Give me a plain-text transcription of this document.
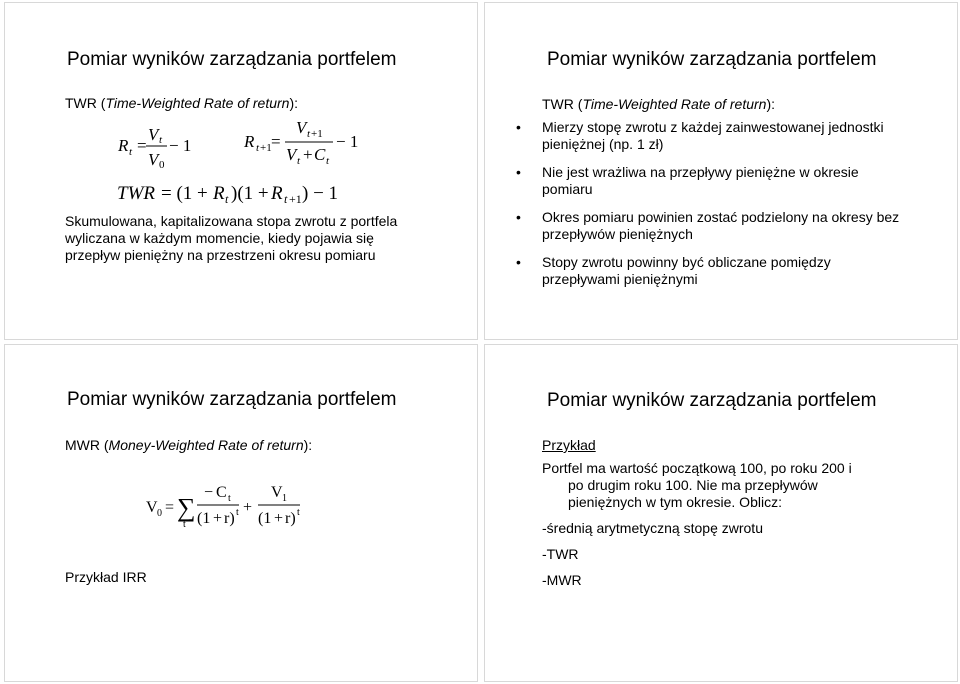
Pomiar wyników zarządzania portfelem
TWR (Time-Weighted Rate of return):
R t =
V t
V 0
− 1	R t +1 =
V t +1
V t + C t
− 1
TWR = (1 + R t )(1 + R t +1 ) − 1
Skumulowana, kapitalizowana stopa zwrotu z portfela wyliczana w każdym momencie, kiedy pojawia się przepływ pieniężny na przestrzeni okresu pomiaru
Pomiar wyników zarządzania portfelem
TWR (Time-Weighted Rate of return):
• Mierzy stopę zwrotu z każdej zainwestowanej jednostki pieniężnej (np. 1 zł)
• Nie jest wrażliwa na przepływy pieniężne w okresie pomiaru
• Okres pomiaru powinien zostać podzielony na okresy bez przepływów pieniężnych
• Stopy zwrotu powinny być obliczane pomiędzy przepływami pieniężnymi
Pomiar wyników zarządzania portfelem
MWR (Money-Weighted Rate of return):
V 0 = ∑
t
− C t
(1 + r) t +
V 1
(1 + r) t
Przykład IRR
Pomiar wyników zarządzania portfelem
Przykład

Portfel ma wartość początkową 100, po roku 200 i

po drugim roku 100. Nie ma przepływów

pieniężnych w tym okresie. Oblicz:

-średnią arytmetyczną stopę zwrotu

-TWR

-MWR
